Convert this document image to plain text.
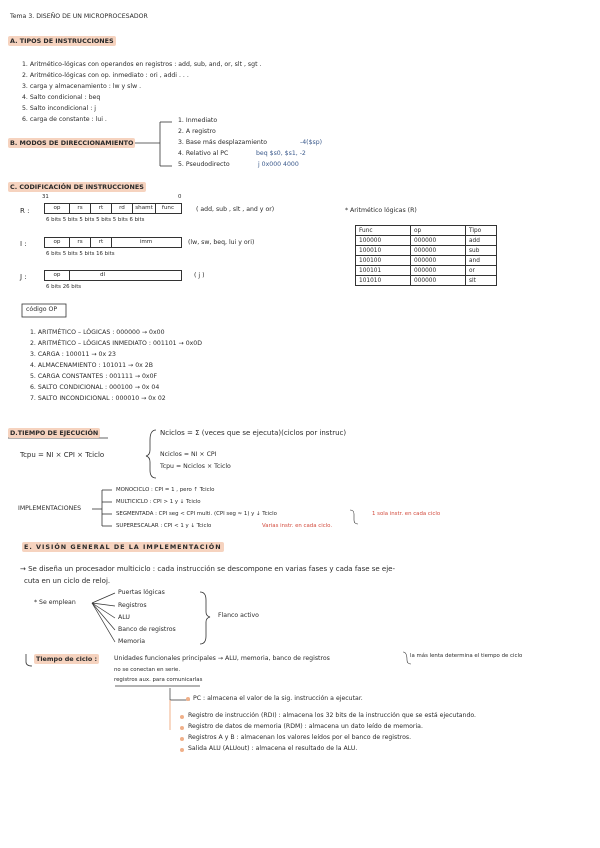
Tema 3. DISEÑO DE UN MICROPROCESADOR
A. TIPOS DE INSTRUCCIONES
1. Aritmético-lógicas con operandos en registros : add, sub, and, or, slt , sgt .
2. Aritmético-lógicas con op. inmediato : ori , addi . . .
3. carga y almacenamiento : lw y slw .
4. Salto condicional : beq
5. Salto incondicional : j
6. carga de constante : lui .
B. MODOS DE DIRECCIONAMIENTO
1. Inmediato
2. A registro
3. Base más desplazamiento
4. Relativo al PC
5. Pseudodirecto
-4($sp)
beq $s0, $s1, -2
j 0x000 4000
C. CODIFICACIÓN DE INSTRUCCIONES
R :
31	0
op	rs	rt	rd	shamt	func
6 bits 5 bits 5 bits 5 bits 5 bits 6 bits
( add, sub , slt , and y or)
I :	op	rs	rt	imm
6 bits 5 bits 5 bits 16 bits
(lw, sw, beq, lui y ori)
J :	op	dl
6 bits 26 bits
( j )
* Aritmético lógicas (R)
Func	op	Tipo
100000	000000	add
100010	000000	sub
100100	000000	and
100101	000000	or
101010	000000	slt
código OP
1. ARITMÉTICO – LÓGICAS : 000000 → 0x00
2. ARITMÉTICO – LÓGICAS INMEDIATO : 001101 → 0x0D
3. CARGA : 100011 → 0x 23
4. ALMACENAMIENTO : 101011 → 0x 2B
5. CARGA CONSTANTES : 001111 → 0x0F
6. SALTO CONDICIONAL : 000100 → 0x 04
7. SALTO INCONDICIONAL : 000010 → 0x 02
D.TIEMPO DE EJECUCIÓN
Tcpu = NI × CPI × Tciclo
Nciclos = Σ (veces que se ejecuta)(ciclos por instruc)
Nciclos = NI × CPI
Tcpu = Nciclos × Tciclo
IMPLEMENTACIONES
MONOCICLO : CPI = 1 , pero ↑ Tciclo
MULTICICLO : CPI > 1 y ↓ Tciclo
SEGMENTADA : CPI seg < CPI multi. (CPI seg ≈ 1) y ↓ Tciclo
SUPERESCALAR : CPI < 1 y ↓ Tciclo
1 sola instr. en cada ciclo
Varias instr. en cada ciclo.
E. VISIÓN GENERAL DE LA IMPLEMENTACIÓN
→ Se diseña un procesador multiciclo : cada instrucción se descompone en varias fases y cada fase se eje-
cuta en un ciclo de reloj.
* Se emplean
Puertas lógicas
Registros
ALU
Banco de registros
Memoria
Flanco activo
Tiempo de ciclo :	Unidades funcionales principales → ALU, memoria, banco de registros	la más lenta determina el tiempo de ciclo
no se conectan en serie.
registros aux. para comunicarlas
PC : almacena el valor de la sig. instrucción a ejecutar.
Registro de instrucción (RDI) : almacena los 32 bits de la instrucción que se está ejecutando.
Registro de datos de memoria (RDM) : almacena un dato leído de memoria.
Registros A y B : almacenan los valores leídos por el banco de registros.
Salida ALU (ALUout) : almacena el resultado de la ALU.
